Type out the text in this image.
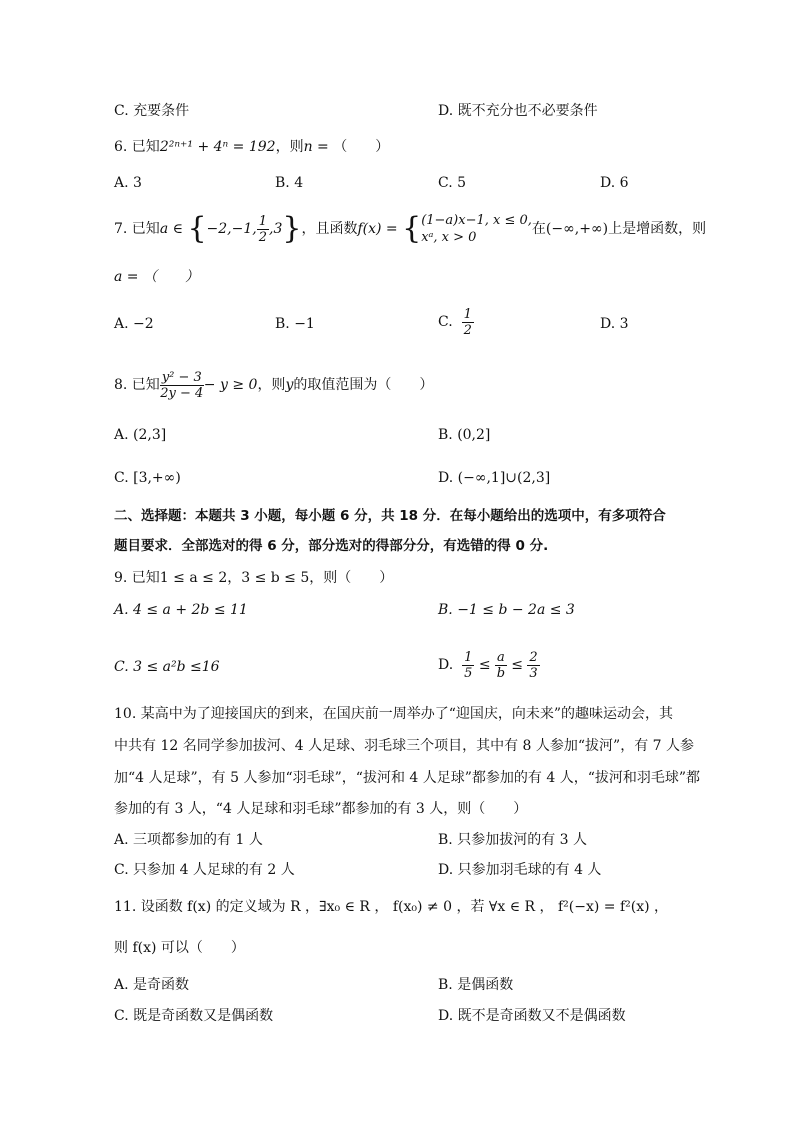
C. 充要条件	D. 既不充分也不必要条件
6. 已知2²ⁿ⁺¹ + 4ⁿ = 192，则n = （　　）
A. 3	B. 4	C. 5	D. 6
7. 已知a ∈ {−2,−1, $\frac{1}{2} ,3$}，且函数f(x) = {(1−a)x−1, x ≤ 0,
xᵃ, x > 0在(−∞,+∞)上是增函数，则
a = （　　）
A. −2	B. −1	C. $\frac{1}{2}$	D. 3
8. 已知 $\frac{\text{y² − 3}}{2y - 4} - y \ge 0$，则y的取值范围为（　　）
A. (2,3]	B. (0,2]
C. [3,+∞)	D. (−∞,1]∪(2,3]
二、选择题：本题共 3 小题，每小题 6 分，共 18 分．在每小题给出的选项中，有多项符合
题目要求．全部选对的得 6 分，部分选对的得部分分，有选错的得 0 分.
9. 已知1 ≤ a ≤ 2，3 ≤ b ≤ 5，则（　　）
A. 4 ≤ a + 2b ≤ 11	B. −1 ≤ b − 2a ≤ 3
C. 3 ≤ a²b ≤16	D. $\frac{1}{5} \le \frac{a}{b} \le \frac{2}{3}$
10. 某高中为了迎接国庆的到来，在国庆前一周举办了“迎国庆，向未来”的趣味运动会，其
中共有 12 名同学参加拔河、4 人足球、羽毛球三个项目，其中有 8 人参加“拔河”，有 7 人参
加“4 人足球”，有 5 人参加“羽毛球”，“拔河和 4 人足球”都参加的有 4 人，“拔河和羽毛球”都
参加的有 3 人，“4 人足球和羽毛球”都参加的有 3 人，则（　　）
A. 三项都参加的有 1 人	B. 只参加拔河的有 3 人
C. 只参加 4 人足球的有 2 人	D. 只参加羽毛球的有 4 人
11. 设函数 f(x) 的定义域为 R ，∃x₀ ∈ R ， f(x₀) ≠ 0 ，若 ∀x ∈ R ， f²(−x) = f²(x) ，
则 f(x) 可以（　　）
A. 是奇函数	B. 是偶函数
C. 既是奇函数又是偶函数	D. 既不是奇函数又不是偶函数
